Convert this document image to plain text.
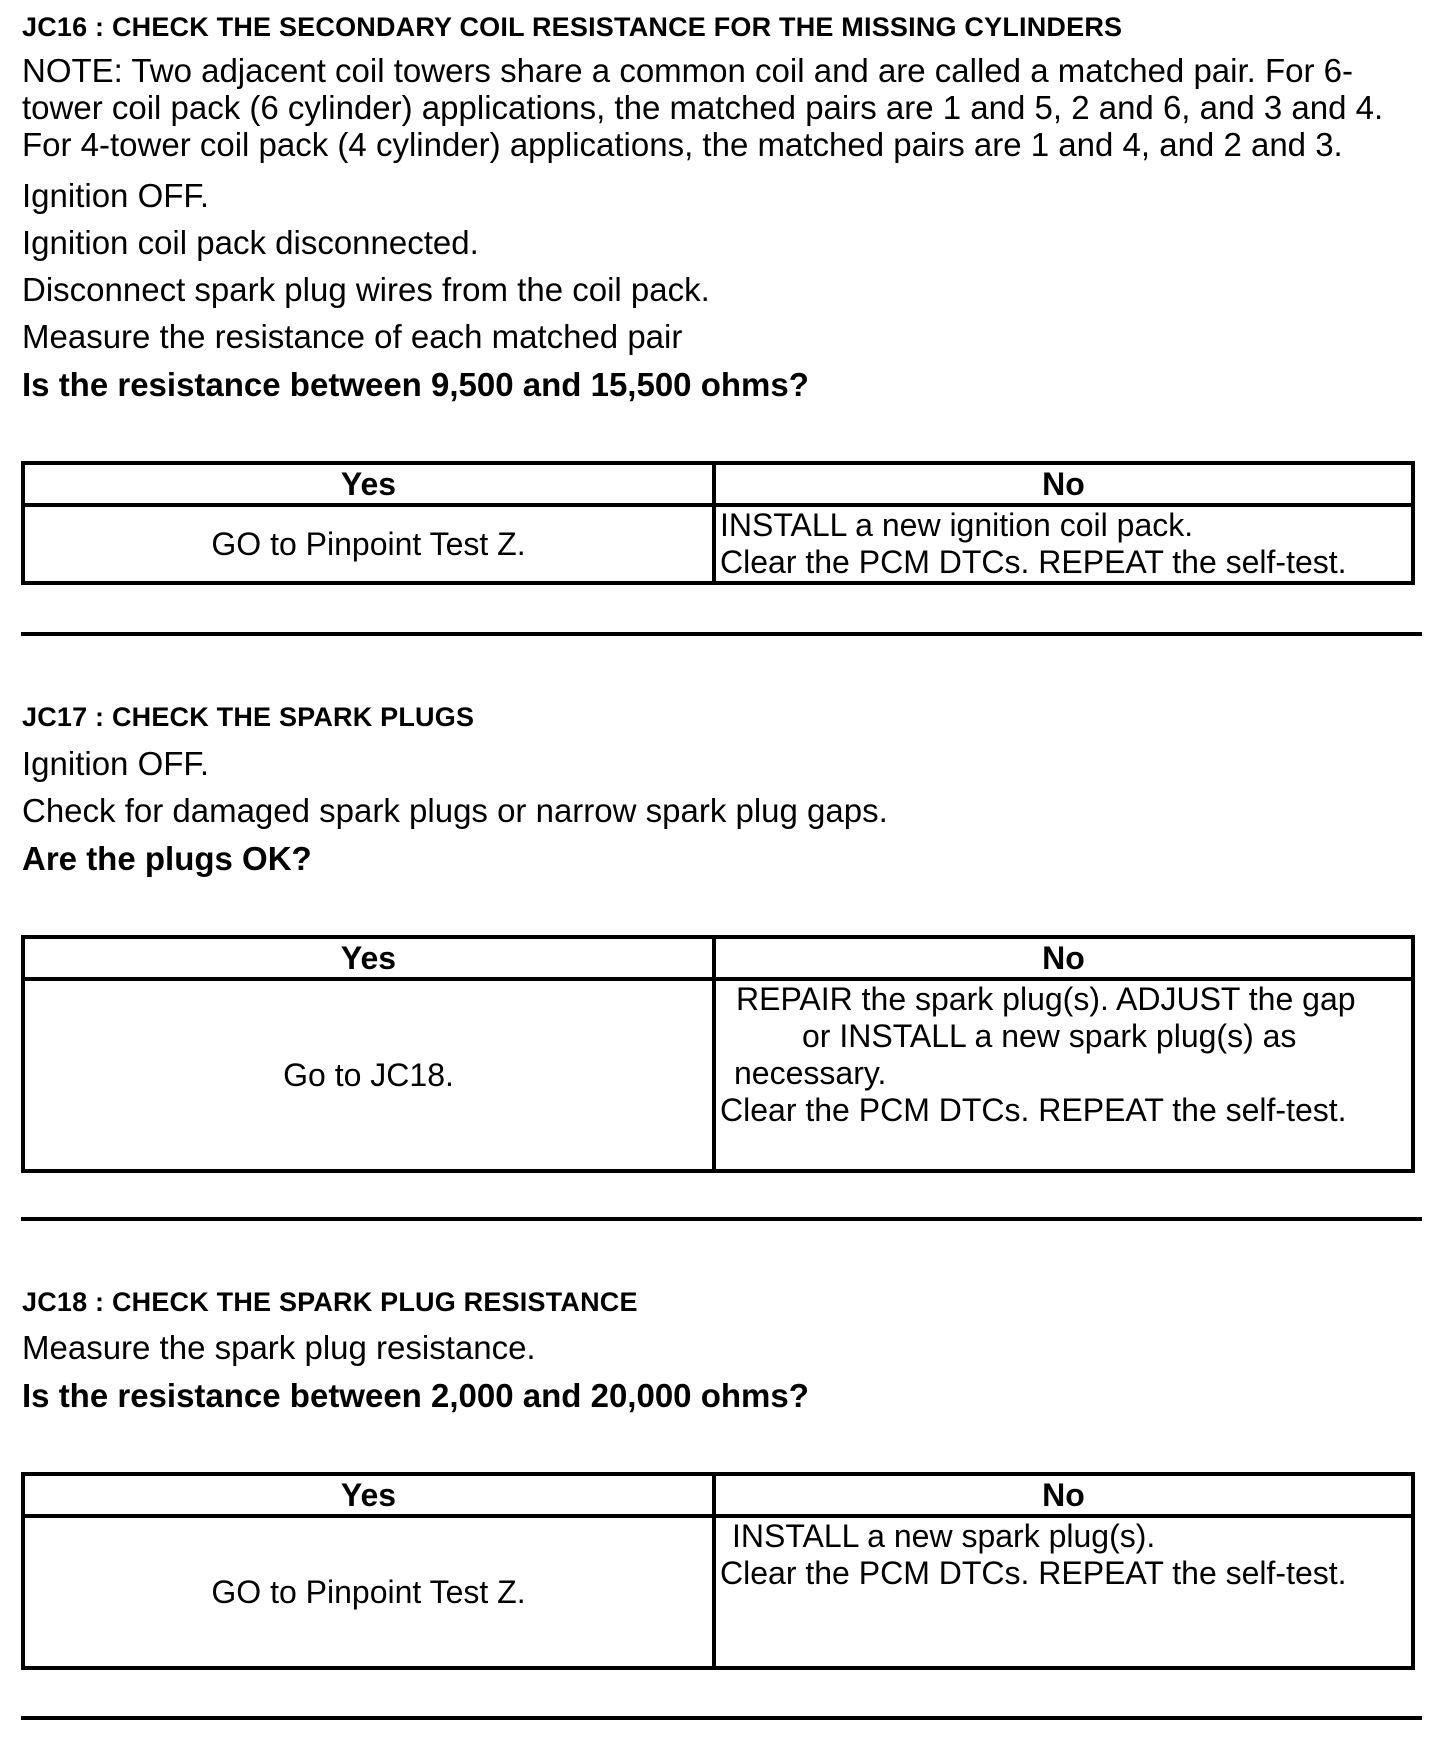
JC16 : CHECK THE SECONDARY COIL RESISTANCE FOR THE MISSING CYLINDERS
NOTE: Two adjacent coil towers share a common coil and are called a matched pair. For 6-tower coil pack (6 cylinder) applications, the matched pairs are 1 and 5, 2 and 6, and 3 and 4. For 4-tower coil pack (4 cylinder) applications, the matched pairs are 1 and 4, and 2 and 3.
Ignition OFF.
Ignition coil pack disconnected.
Disconnect spark plug wires from the coil pack.
Measure the resistance of each matched pair
Is the resistance between 9,500 and 15,500 ohms?
Yes	No
GO to Pinpoint Test Z.	INSTALL a new ignition coil pack.
Clear the PCM DTCs. REPEAT the self-test.
JC17 : CHECK THE SPARK PLUGS
Ignition OFF.
Check for damaged spark plugs or narrow spark plug gaps.
Are the plugs OK?
Yes	No
Go to JC18.	REPAIR the spark plug(s). ADJUST the gap
or INSTALL a new spark plug(s) as
necessary.
Clear the PCM DTCs. REPEAT the self-test.
JC18 : CHECK THE SPARK PLUG RESISTANCE
Measure the spark plug resistance.
Is the resistance between 2,000 and 20,000 ohms?
Yes	No
GO to Pinpoint Test Z.	INSTALL a new spark plug(s).
Clear the PCM DTCs. REPEAT the self-test.
